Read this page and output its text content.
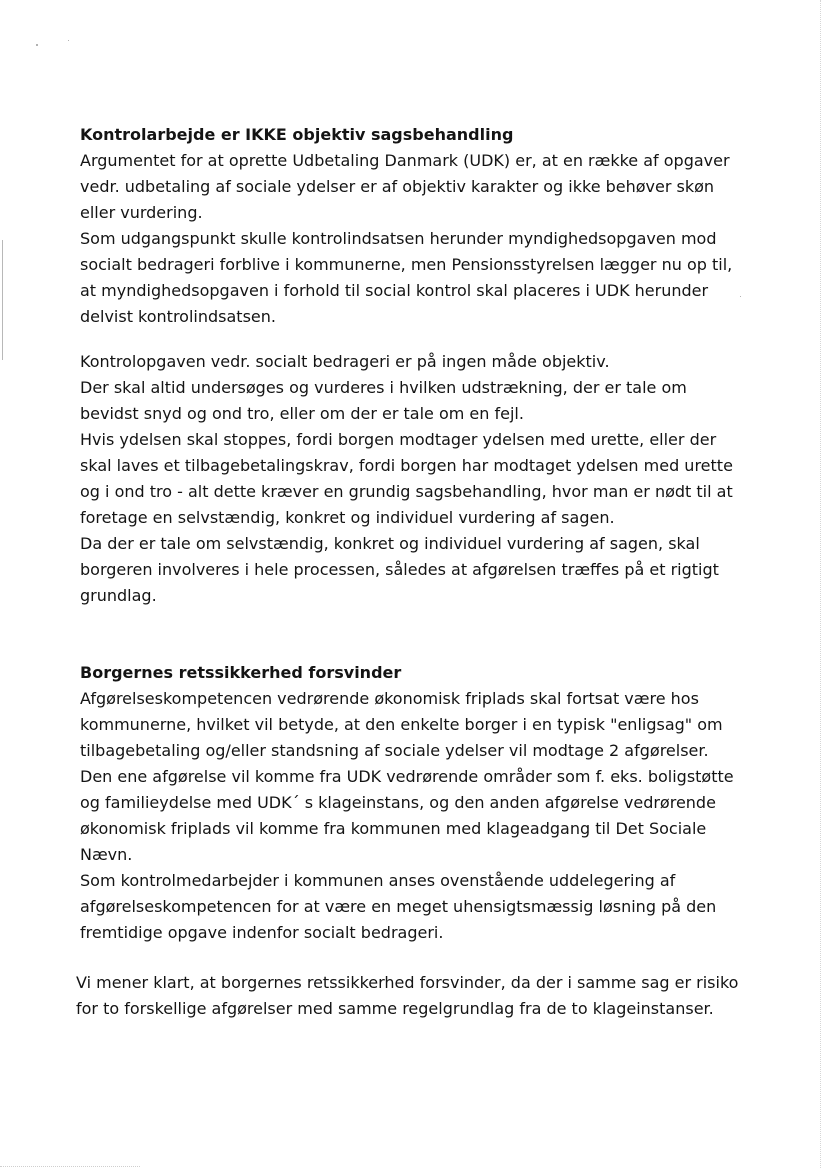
Kontrolarbejde er IKKE objektiv sagsbehandling
Argumentet for at oprette Udbetaling Danmark (UDK) er, at en række af opgaver
vedr. udbetaling af sociale ydelser er af objektiv karakter og ikke behøver skøn
eller vurdering.
Som udgangspunkt skulle kontrolindsatsen herunder myndighedsopgaven mod
socialt bedrageri forblive i kommunerne, men Pensionsstyrelsen lægger nu op til,
at myndighedsopgaven i forhold til social kontrol skal placeres i UDK herunder
delvist kontrolindsatsen.
Kontrolopgaven vedr. socialt bedrageri er på ingen måde objektiv.
Der skal altid undersøges og vurderes i hvilken udstrækning, der er tale om
bevidst snyd og ond tro, eller om der er tale om en fejl.
Hvis ydelsen skal stoppes, fordi borgen modtager ydelsen med urette, eller der
skal laves et tilbagebetalingskrav, fordi borgen har modtaget ydelsen med urette
og i ond tro - alt dette kræver en grundig sagsbehandling, hvor man er nødt til at
foretage en selvstændig, konkret og individuel vurdering af sagen.
Da der er tale om selvstændig, konkret og individuel vurdering af sagen, skal
borgeren involveres i hele processen, således at afgørelsen træffes på et rigtigt
grundlag.
Borgernes retssikkerhed forsvinder
Afgørelseskompetencen vedrørende økonomisk friplads skal fortsat være hos
kommunerne, hvilket vil betyde, at den enkelte borger i en typisk "enligsag" om
tilbagebetaling og/eller standsning af sociale ydelser vil modtage 2 afgørelser.
Den ene afgørelse vil komme fra UDK vedrørende områder som f. eks. boligstøtte
og familieydelse med UDK´ s klageinstans, og den anden afgørelse vedrørende
økonomisk friplads vil komme fra kommunen med klageadgang til Det Sociale
Nævn.
Som kontrolmedarbejder i kommunen anses ovenstående uddelegering af
afgørelseskompetencen for at være en meget uhensigtsmæssig løsning på den
fremtidige opgave indenfor socialt bedrageri.
Vi mener klart, at borgernes retssikkerhed forsvinder, da der i samme sag er risiko
for to forskellige afgørelser med samme regelgrundlag fra de to klageinstanser.
